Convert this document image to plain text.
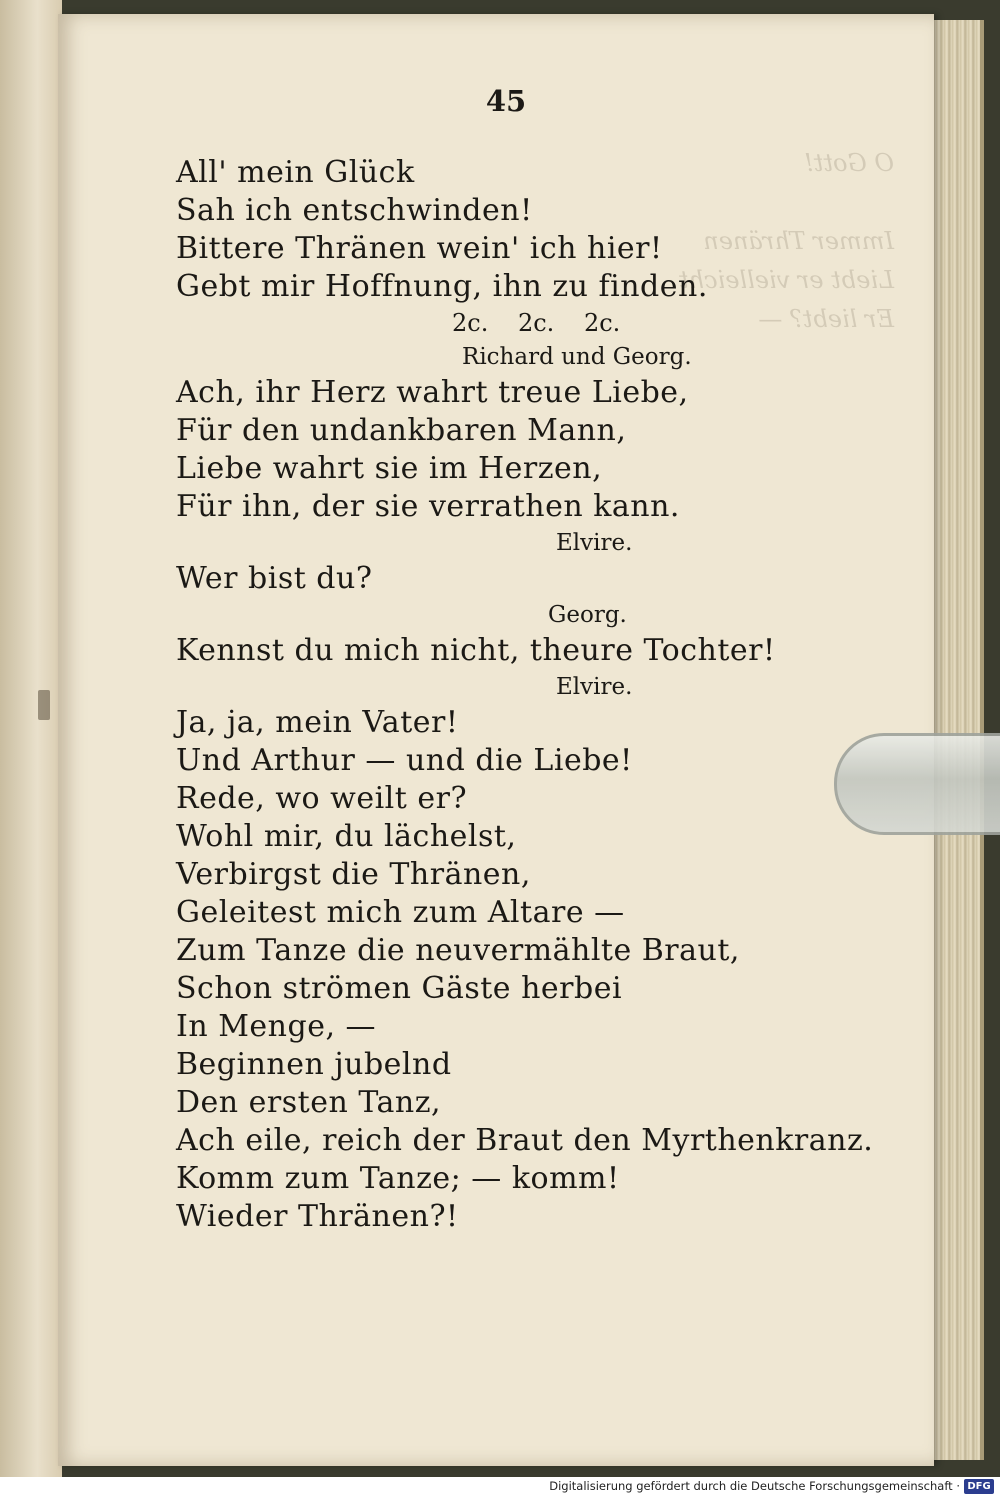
O Gott!

Immer Thränen
Liebt er vielleicht
Er liebt? —
45
All' mein Glück
Sah ich entschwinden!
Bittere Thränen wein' ich hier!
Gebt mir Hoffnung, ihn zu finden.
2c. 2c. 2c.
Richard und Georg.
Ach, ihr Herz wahrt treue Liebe,
Für den undankbaren Mann,
Liebe wahrt sie im Herzen,
Für ihn, der sie verrathen kann.
Elvire.
Wer bist du?
Georg.
Kennst du mich nicht, theure Tochter!
Elvire.
Ja, ja, mein Vater!
Und Arthur — und die Liebe!
Rede, wo weilt er?
Wohl mir, du lächelst,
Verbirgst die Thränen,
Geleitest mich zum Altare —
Zum Tanze die neuvermählte Braut,
Schon strömen Gäste herbei
In Menge, —
Beginnen jubelnd
Den ersten Tanz,
Ach eile, reich der Braut den Myrthenkranz.
Komm zum Tanze; — komm!
Wieder Thränen?!
Digitalisierung gefördert durch die Deutsche Forschungsgemeinschaft · DFG
